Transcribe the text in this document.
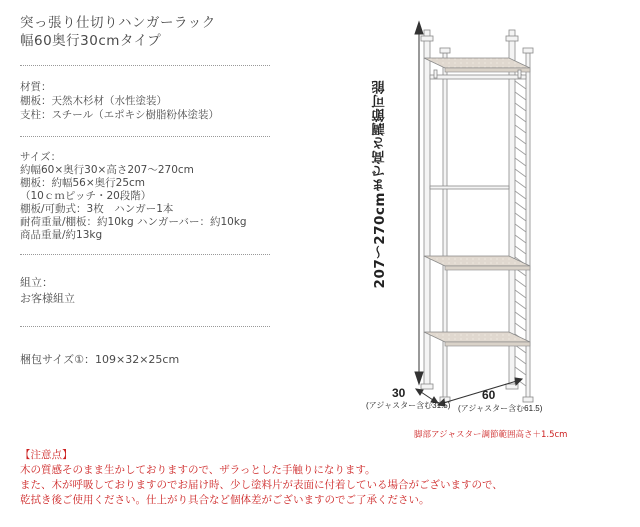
突っ張り仕切りハンガーラック
幅60奥行30cmタイプ
材質：
棚板：天然木杉材（水性塗装）
支柱：スチール（エポキシ樹脂粉体塗装）
サイズ：
約幅60×奥行30×高さ207〜270cm
棚板：約幅56×奥行25cm
（10ｃｍピッチ・20段階）
棚板/可動式：3枚　ハンガー1本
耐荷重量/棚板：約10kg ハンガーバー：約10kg
商品重量/約13kg
組立：
お客様組立
梱包サイズ①：109×32×25cm
207〜270cmまで高さ調節可能
30
(アジャスター含む31.5)
60
(アジャスター含む61.5)
脚部アジャスター調節範囲高さ＋1.5cm
【注意点】
木の質感そのまま生かしておりますので、ザラっとした手触りになります。
また、木が呼吸しておりますのでお届け時、少し塗料片が表面に付着している場合がございますので、
乾拭き後ご使用ください。仕上がり具合など個体差がございますのでご了承ください。
